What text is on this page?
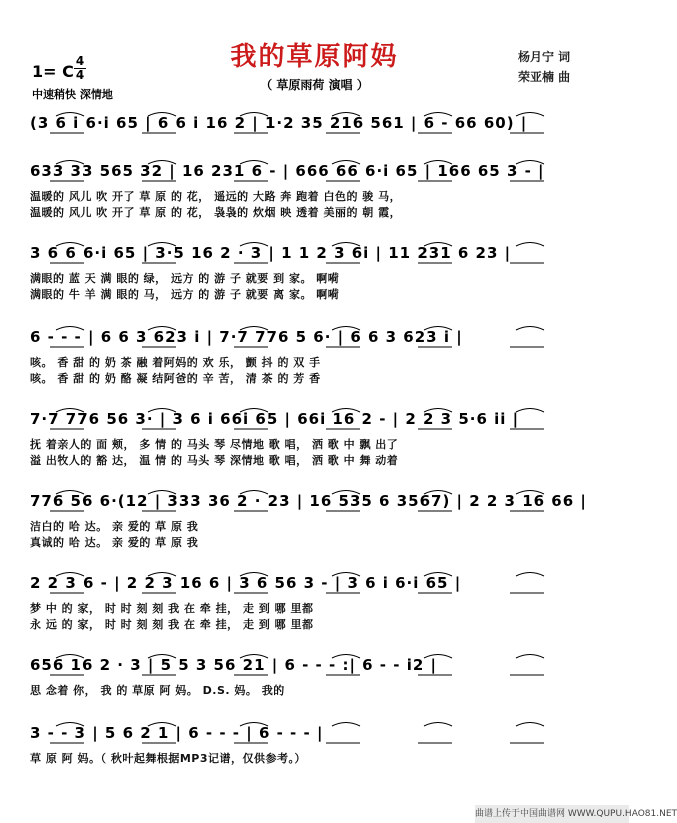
我的草原阿妈
（ 草原雨荷 演唱 ）
杨月宁 词
荣亚楠 曲
1= C
4
4
中速稍快 深情地
(3 6 i 6·i 65 | 6 6 i 16 2 | 1·2 35 216 561 | 6 - 66 60) |
633 33 565 32 | 16 231 6 - | 666 66 6·i 65 | 166 65 3 - |
温暖的 风儿 吹 开了 草 原 的 花， 遥远的 大路 奔 跑着 白色的 骏 马，
温暖的 风儿 吹 开了 草 原 的 花， 袅袅的 炊烟 映 透着 美丽的 朝 霞，
3 6 6 6·i 65 | 3·5 16 2 · 3 | 1 1 2 3 6i | 11 231 6 23 |
满眼的 蓝 天 满 眼的 绿， 远方 的 游 子 就要 到 家。 啊嗬
满眼的 牛 羊 满 眼的 马， 远方 的 游 子 就要 离 家。 啊嗬
6 - - - | 6 6 3 623 i | 7·7 776 5 6· | 6 6 3 623 i |
咳。 香 甜 的 奶 茶 融 着阿妈的 欢 乐， 颤 抖 的 双 手
咳。 香 甜 的 奶 酪 凝 结阿爸的 辛 苦， 清 茶 的 芳 香
7·7 776 56 3· | 3 6 i 66i 65 | 66i 16 2 - | 2 2 3 5·6 ii |
抚 着亲人的 面 颊， 多 情 的 马头 琴 尽情地 歌 唱， 洒 歌 中 飘 出了
溢 出牧人的 豁 达， 温 情 的 马头 琴 深情地 歌 唱， 洒 歌 中 舞 动着
776 56 6·(12 | 333 36 2 · 23 | 16 535 6 3567) | 2 2 3 16 66 |
洁白的 哈 达。 亲 爱的 草 原 我
真诚的 哈 达。 亲 爱的 草 原 我
2 2 3 6 - | 2 2 3 16 6 | 3 6 56 3 - | 3 6 i 6·i 65 |
梦 中 的 家， 时 时 刻 刻 我 在 牵 挂， 走 到 哪 里都
永 远 的 家， 时 时 刻 刻 我 在 牵 挂， 走 到 哪 里都
656 16 2 · 3 | 5 5 3 56 21 | 6 - - - :| 6 - - i2 |
思 念着 你， 我 的 草原 阿 妈。 D.S. 妈。 我的
3 - - 3 | 5 6 2 1 | 6 - - - | 6 - - - |
草 原 阿 妈。（ 秋叶起舞根据MP3记谱，仅供参考。）
曲谱上传于中国曲谱网 WWW.QUPU.HAO81.NET
